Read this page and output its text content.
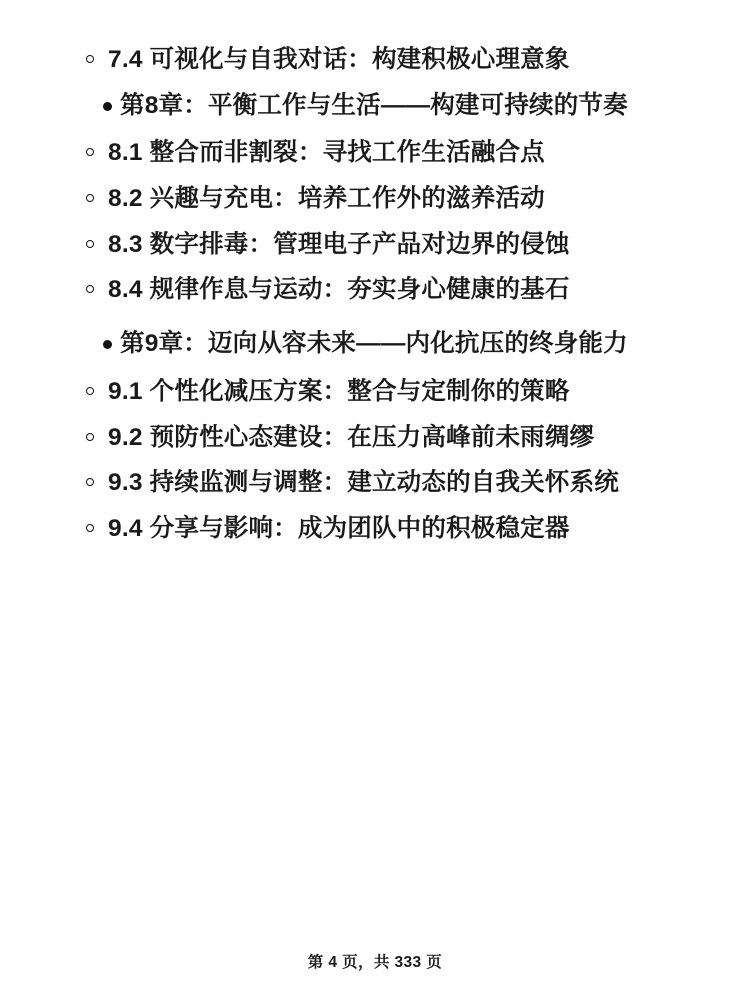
7.4 可视化与自我对话：构建积极心理意象
第8章：平衡工作与生活——构建可持续的节奏
8.1 整合而非割裂：寻找工作生活融合点
8.2 兴趣与充电：培养工作外的滋养活动
8.3 数字排毒：管理电子产品对边界的侵蚀
8.4 规律作息与运动：夯实身心健康的基石
第9章：迈向从容未来——内化抗压的终身能力
9.1 个性化减压方案：整合与定制你的策略
9.2 预防性心态建设：在压力高峰前未雨绸缪
9.3 持续监测与调整：建立动态的自我关怀系统
9.4 分享与影响：成为团队中的积极稳定器
第 4 页，共 333 页
